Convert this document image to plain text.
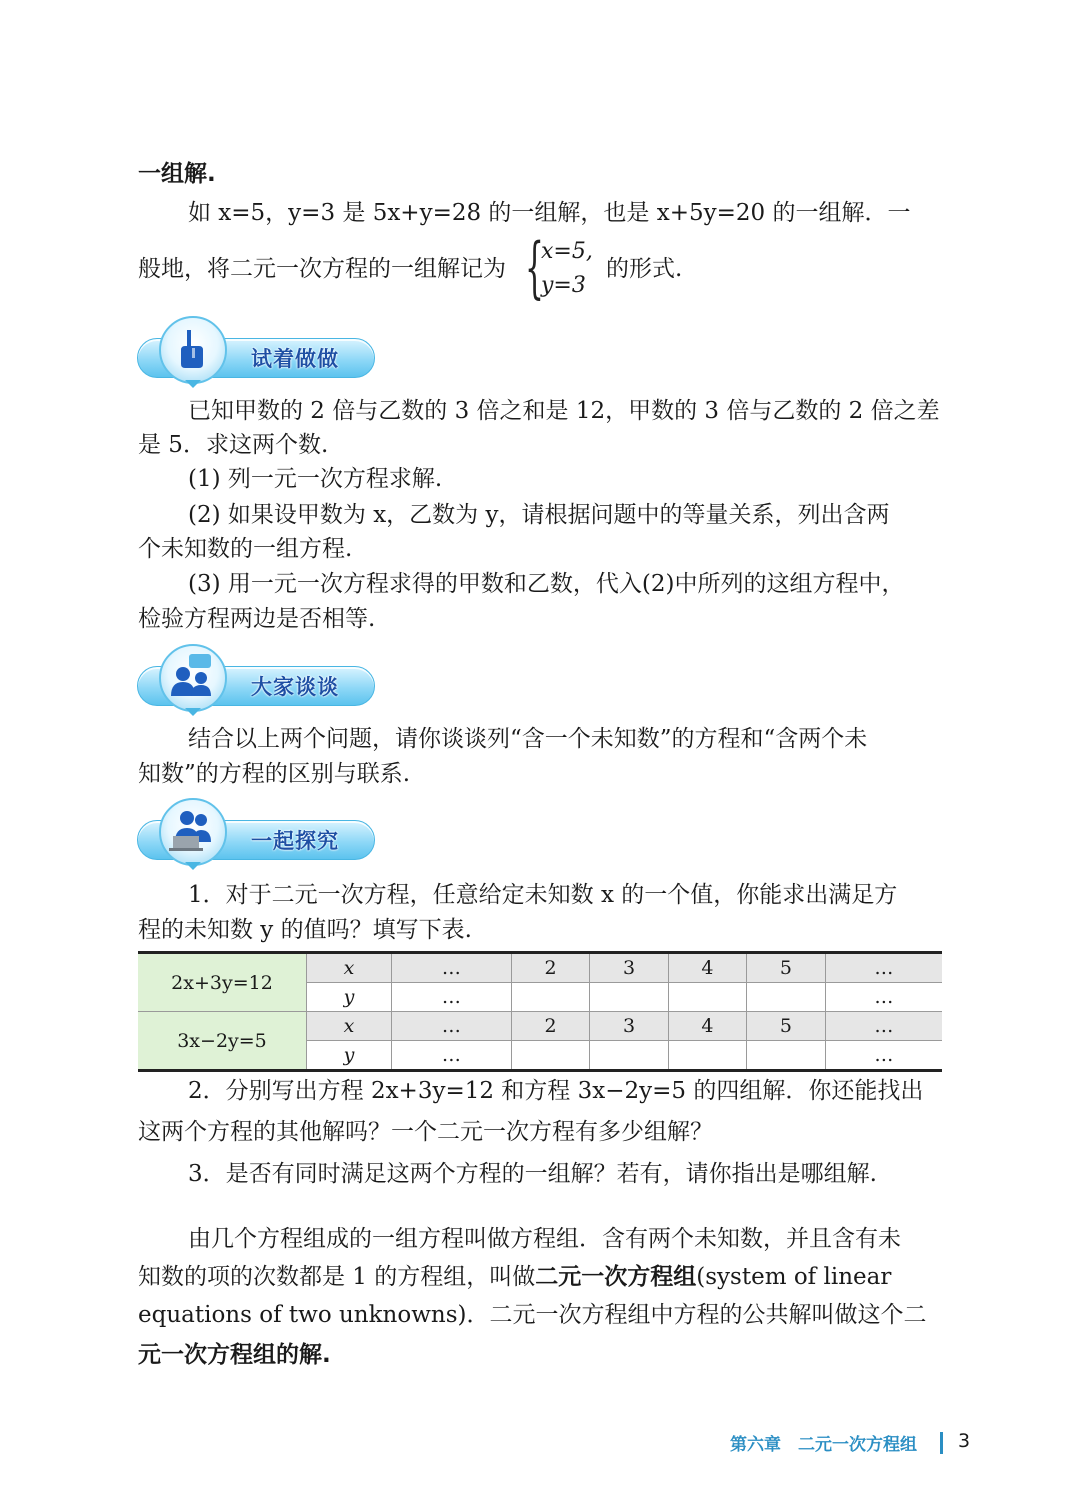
一组解.
如 x=5，y=3 是 5x+y=28 的一组解，也是 x+5y=20 的一组解．一
般地，将二元一次方程的一组解记为 {
x=5,
y=3
的形式.
试着做做
已知甲数的 2 倍与乙数的 3 倍之和是 12，甲数的 3 倍与乙数的 2 倍之差
是 5．求这两个数.
(1) 列一元一次方程求解.
(2) 如果设甲数为 x，乙数为 y，请根据问题中的等量关系，列出含两
个未知数的一组方程.
(3) 用一元一次方程求得的甲数和乙数，代入(2)中所列的这组方程中，
检验方程两边是否相等.
大家谈谈
结合以上两个问题，请你谈谈列“含一个未知数”的方程和“含两个未
知数”的方程的区别与联系.
一起探究
1．对于二元一次方程，任意给定未知数 x 的一个值，你能求出满足方
程的未知数 y 的值吗？填写下表.
2x+3y=12	x	…	2	3	4	5	…
	y	…					…
3x−2y=5	x	…	2	3	4	5	…
	y	…					…
2．分别写出方程 2x+3y=12 和方程 3x−2y=5 的四组解．你还能找出
这两个方程的其他解吗？一个二元一次方程有多少组解？
3．是否有同时满足这两个方程的一组解？若有，请你指出是哪组解.
由几个方程组成的一组方程叫做方程组．含有两个未知数，并且含有未
知数的项的次数都是 1 的方程组，叫做二元一次方程组(system of linear
equations of two unknowns)．二元一次方程组中方程的公共解叫做这个二
元一次方程组的解.
第六章　二元一次方程组 3
